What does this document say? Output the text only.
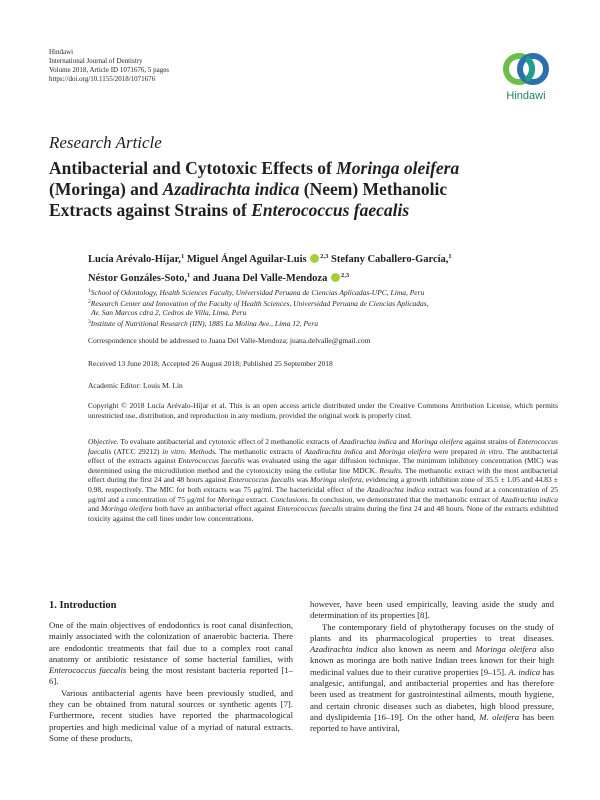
Hindawi
International Journal of Dentistry
Volume 2018, Article ID 1071676, 5 pages
https://doi.org/10.1155/2018/1071676
Hindawi
Research Article
Antibacterial and Cytotoxic Effects of Moringa oleifera
(Moringa) and Azadirachta indica (Neem) Methanolic
Extracts against Strains of Enterococcus faecalis
Lucía Arévalo-Híjar,$^1$ Miguel Ángel Aguilar-Luis $^{2,3}$ Stefany Caballero-García,$^1$
Néstor Gonzáles-Soto,$^1$ and Juana Del Valle-Mendoza $^{2,3}$
$^1$School of Odontology, Health Sciences Faculty, Universidad Peruana de Ciencias Aplicadas-UPC, Lima, Peru
$^2$Research Center and Innovation of the Faculty of Health Sciences, Universidad Peruana de Ciencias Aplicadas,
Av. San Marcos cdra 2, Cedros de Villa, Lima, Peru
$^3$Institute of Nutritional Research (IIN), 1885 La Molina Ave., Lima 12, Peru
Correspondence should be addressed to Juana Del Valle-Mendoza; juana.delvalle@gmail.com
Received 13 June 2018; Accepted 26 August 2018; Published 25 September 2018
Academic Editor: Louis M. Lin
Copyright © 2018 Lucía Arévalo-Híjar et al. This is an open access article distributed under the Creative Commons Attribution License, which permits unrestricted use, distribution, and reproduction in any medium, provided the original work is properly cited.
Objective. To evaluate antibacterial and cytotoxic effect of 2 methanolic extracts of Azadirachta indica and Moringa oleifera against strains of Enterococcus faecalis (ATCC 29212) in vitro. Methods. The methanolic extracts of Azadirachta indica and Moringa oleifera were prepared in vitro. The antibacterial effect of the extracts against Enterococcus faecalis was evaluated using the agar diffusion technique. The minimum inhibitory concentration (MIC) was determined using the microdilution method and the cytotoxicity using the cellular line MDCK. Results. The methanolic extract with the most antibacterial effect during the first 24 and 48 hours against Enterococcus faecalis was Moringa oleifera, evidencing a growth inhibition zone of 35.5 ± 1.05 and 44.83 ± 0.98, respectively. The MIC for both extracts was 75 μg/ml. The bactericidal effect of the Azadirachta indica extract was found at a concentration of 25 μg/ml and a concentration of 75 μg/ml for Moringa extract. Conclusions. In conclusion, we demonstrated that the methanolic extract of Azadirachta indica and Moringa oleifera both have an antibacterial effect against Enterococcus faecalis strains during the first 24 and 48 hours. None of the extracts exhibited toxicity against the cell lines under low concentrations.
1. Introduction

One of the main objectives of endodontics is root canal disinfection, mainly associated with the colonization of anaerobic bacteria. There are endodontic treatments that fail due to a complex root canal anatomy or antibiotic resistance of some bacterial families, with Enterococcus faecalis being the most resistant bacteria reported [1–6].

Various antibacterial agents have been previously studied, and they can be obtained from natural sources or synthetic agents [7]. Furthermore, recent studies have reported the pharmacological properties and high medicinal value of a myriad of natural extracts. Some of these products,

however, have been used empirically, leaving aside the study and determination of its properties [8].

The contemporary field of phytotherapy focuses on the study of plants and its pharmacological properties to treat diseases. Azadirachta indica also known as neem and Moringa oleifera also known as moringa are both native Indian trees known for their high medicinal values due to their curative properties [9–15]. A. indica has analgesic, antifungal, and antibacterial properties and has therefore been used as treatment for gastrointestinal ailments, mouth hygiene, and certain chronic diseases such as diabetes, high blood pressure, and dyslipidemia [16–19]. On the other hand, M. oleifera has been reported to have antiviral,
